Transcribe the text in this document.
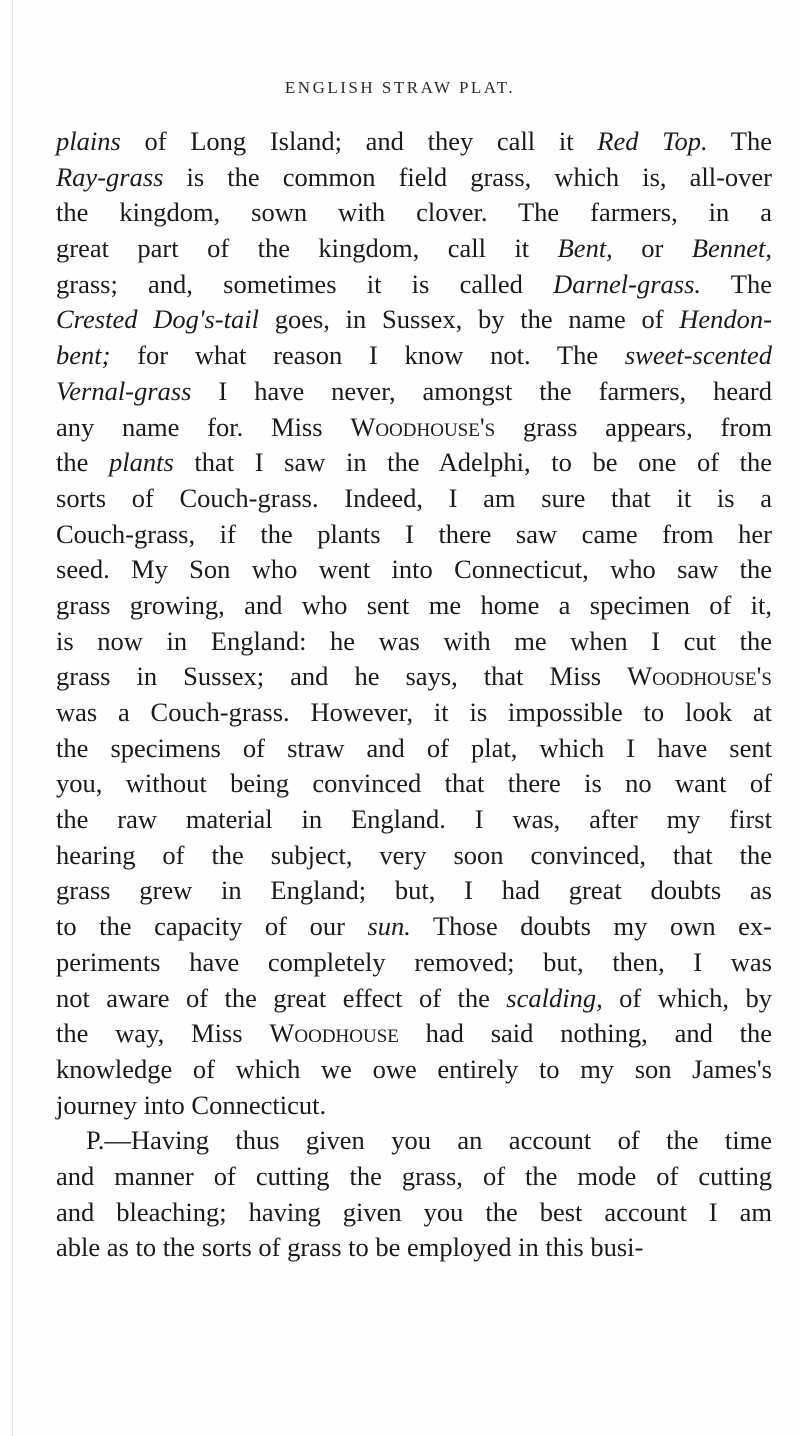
ENGLISH STRAW PLAT.
plains of Long Island; and they call it Red Top. The
Ray-grass is the common field grass, which is, all-over
the kingdom, sown with clover. The farmers, in a
great part of the kingdom, call it Bent, or Bennet,
grass; and, sometimes it is called Darnel-grass. The
Crested Dog's-tail goes, in Sussex, by the name of Hendon-
bent; for what reason I know not. The sweet-scented
Vernal-grass I have never, amongst the farmers, heard
any name for. Miss Woodhouse's grass appears, from
the plants that I saw in the Adelphi, to be one of the
sorts of Couch-grass. Indeed, I am sure that it is a
Couch-grass, if the plants I there saw came from her
seed. My Son who went into Connecticut, who saw the
grass growing, and who sent me home a specimen of it,
is now in England: he was with me when I cut the
grass in Sussex; and he says, that Miss Woodhouse's
was a Couch-grass. However, it is impossible to look at
the specimens of straw and of plat, which I have sent
you, without being convinced that there is no want of
the raw material in England. I was, after my first
hearing of the subject, very soon convinced, that the
grass grew in England; but, I had great doubts as
to the capacity of our sun. Those doubts my own ex-
periments have completely removed; but, then, I was
not aware of the great effect of the scalding, of which, by
the way, Miss Woodhouse had said nothing, and the
knowledge of which we owe entirely to my son James's
journey into Connecticut.
P.—Having thus given you an account of the time
and manner of cutting the grass, of the mode of cutting
and bleaching; having given you the best account I am
able as to the sorts of grass to be employed in this busi-
